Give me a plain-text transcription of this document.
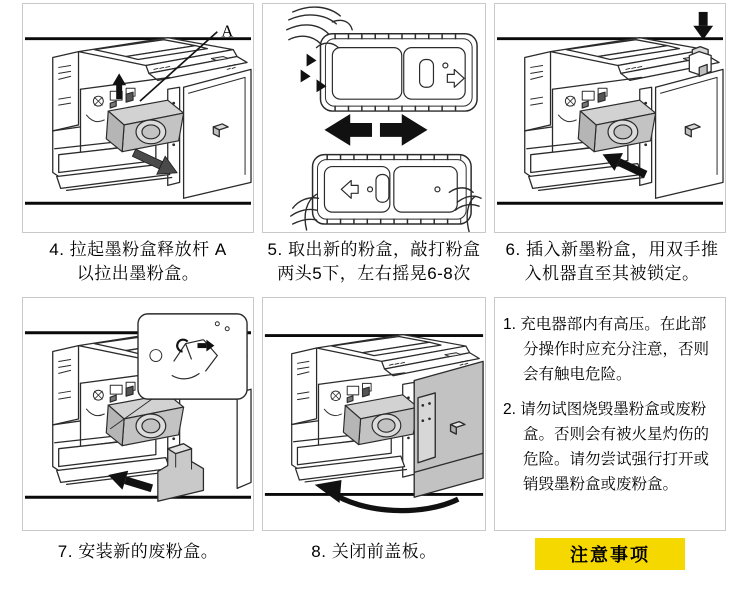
A

1. 充电器部内有高压。在此部分操作时应充分注意，否则会有触电危险。

2. 请勿试图烧毁墨粉盒或废粉盒。否则会有被火星灼伤的危险。请勿尝试强行打开或销毁墨粉盒或废粉盒。

注意事项
4. 拉起墨粉盒释放杆 A
以拉出墨粉盒。
5. 取出新的粉盒，敲打粉盒
两头5下，左右摇晃6-8次
6. 插入新墨粉盒，用双手推
入机器直至其被锁定。
7. 安装新的废粉盒。	8. 关闭前盖板。
